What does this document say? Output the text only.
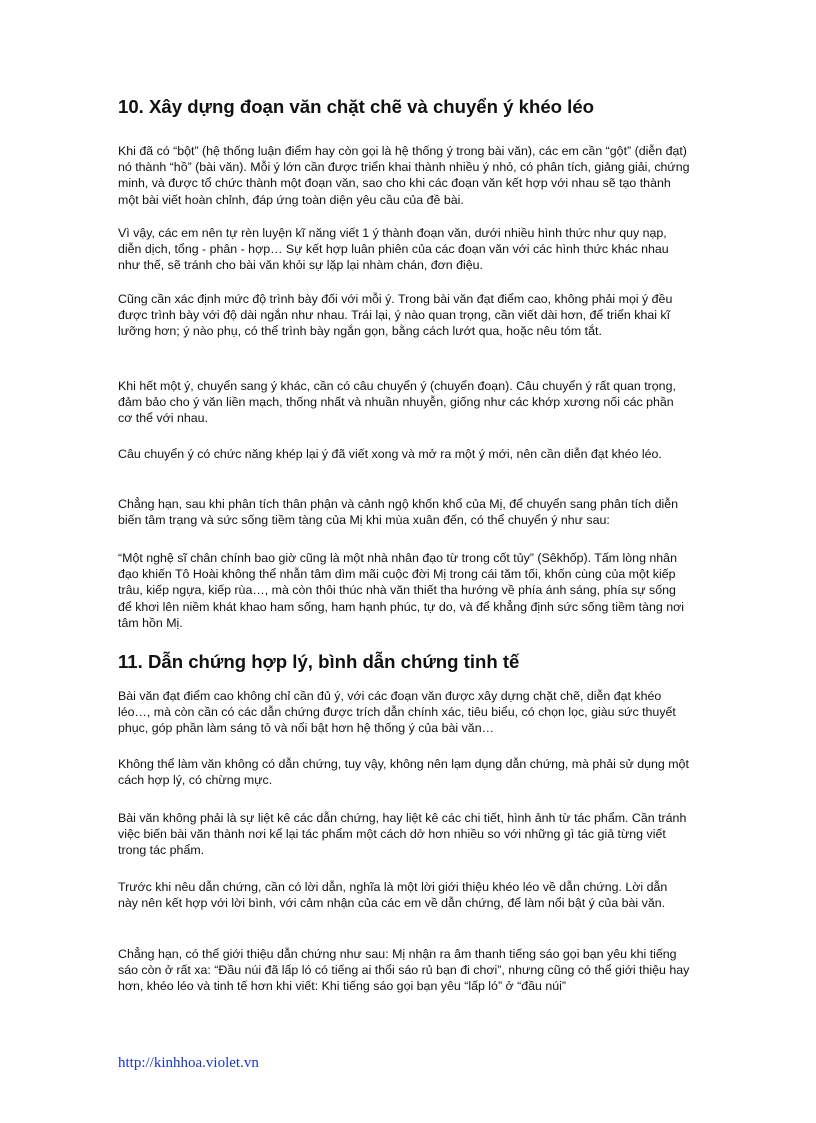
10. Xây dựng đoạn văn chặt chẽ và chuyển ý khéo léo

Khi đã có “bột” (hệ thống luận điểm hay còn gọi là hệ thống ý trong bài văn), các em cần “gột” (diễn đạt) nó thành “hồ” (bài văn). Mỗi ý lớn cần được triển khai thành nhiều ý nhỏ, có phân tích, giảng giải, chứng minh, và được tổ chức thành một đoạn văn, sao cho khi các đoạn văn kết hợp với nhau sẽ tạo thành một bài viết hoàn chỉnh, đáp ứng toàn diện yêu cầu của đề bài.

Vì vậy, các em nên tự rèn luyện kĩ năng viết 1 ý thành đoạn văn, dưới nhiều hình thức như quy nạp, diễn dịch, tổng - phân - hợp… Sự kết hợp luân phiên của các đoạn văn với các hình thức khác nhau như thế, sẽ tránh cho bài văn khỏi sự lặp lại nhàm chán, đơn điệu.

Cũng cần xác định mức độ trình bày đối với mỗi ý. Trong bài văn đạt điểm cao, không phải mọi ý đều được trình bày với độ dài ngắn như nhau. Trái lại, ý nào quan trọng, cần viết dài hơn, để triển khai kĩ lưỡng hơn; ý nào phụ, có thể trình bày ngắn gọn, bằng cách lướt qua, hoặc nêu tóm tắt.

Khi hết một ý, chuyển sang ý khác, cần có câu chuyển ý (chuyển đoạn). Câu chuyển ý rất quan trọng, đảm bảo cho ý văn liền mạch, thống nhất và nhuần nhuyễn, giống như các khớp xương nối các phần cơ thể với nhau.

Câu chuyển ý có chức năng khép lại ý đã viết xong và mở ra một ý mới, nên cần diễn đạt khéo léo.

Chẳng hạn, sau khi phân tích thân phận và cảnh ngộ khốn khổ của Mị, để chuyển sang phân tích diễn biến tâm trạng và sức sống tiềm tàng của Mị khi mùa xuân đến, có thể chuyển ý như sau:

“Một nghệ sĩ chân chính bao giờ cũng là một nhà nhân đạo từ trong cốt tủy” (Sêkhốp). Tấm lòng nhân đạo khiến Tô Hoài không thể nhẫn tâm dìm mãi cuộc đời Mị trong cái tăm tối, khốn cùng của một kiếp trâu, kiếp ngựa, kiếp rùa…, mà còn thôi thúc nhà văn thiết tha hướng về phía ánh sáng, phía sự sống để khơi lên niềm khát khao ham sống, ham hạnh phúc, tự do, và để khẳng định sức sống tiềm tàng nơi tâm hồn Mị.

11. Dẫn chứng hợp lý, bình dẫn chứng tinh tế

Bài văn đạt điểm cao không chỉ cần đủ ý, với các đoạn văn được xây dựng chặt chẽ, diễn đạt khéo léo…, mà còn cần có các dẫn chứng được trích dẫn chính xác, tiêu biểu, có chọn lọc, giàu sức thuyết phục, góp phần làm sáng tỏ và nổi bật hơn hệ thống ý của bài văn…

Không thể làm văn không có dẫn chứng, tuy vậy, không nên lạm dụng dẫn chứng, mà phải sử dụng một cách hợp lý, có chừng mực.

Bài văn không phải là sự liệt kê các dẫn chứng, hay liệt kê các chi tiết, hình ảnh từ tác phẩm. Cần tránh việc biến bài văn thành nơi kể lại tác phẩm một cách dở hơn nhiều so với những gì tác giả từng viết trong tác phẩm.

Trước khi nêu dẫn chứng, cần có lời dẫn, nghĩa là một lời giới thiệu khéo léo về dẫn chứng. Lời dẫn này nên kết hợp với lời bình, với cảm nhận của các em về dẫn chứng, để làm nổi bật ý của bài văn.

Chẳng hạn, có thể giới thiệu dẫn chứng như sau: Mị nhận ra âm thanh tiếng sáo gọi bạn yêu khi tiếng sáo còn ở rất xa: “Đầu núi đã lấp ló có tiếng ai thổi sáo rủ bạn đi chơi”, nhưng cũng có thể giới thiệu hay hơn, khéo léo và tinh tế hơn khi viết: Khi tiếng sáo gọi bạn yêu “lấp ló” ở “đầu núi”

http://kinhhoa.violet.vn
